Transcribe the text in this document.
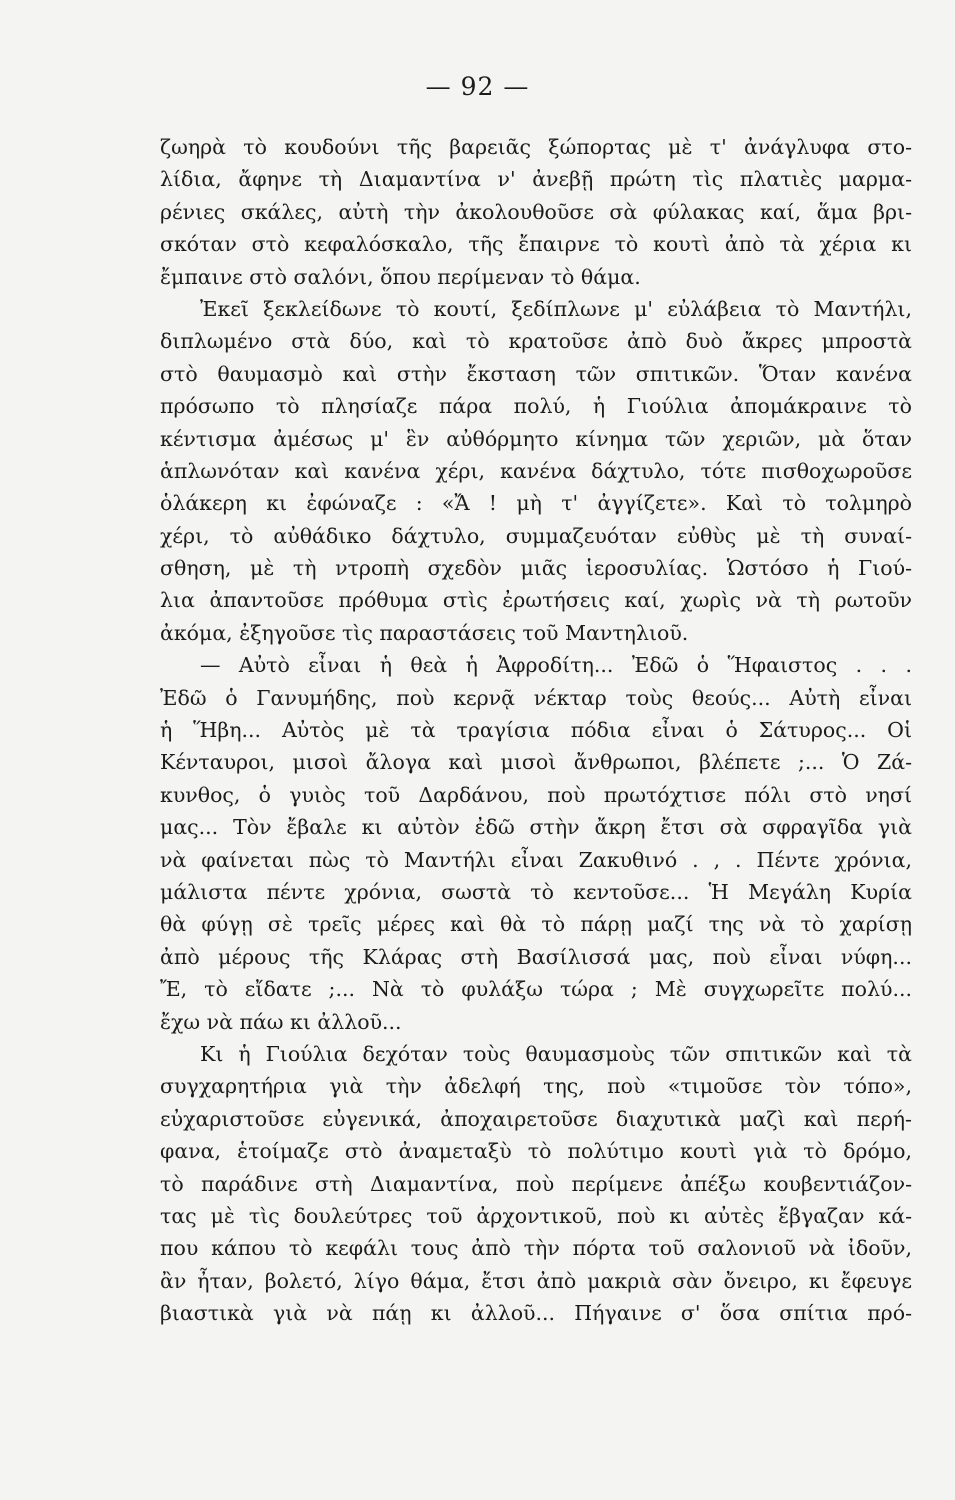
— 92 —
ζωηρὰ τὸ κουδούνι τῆς βαρειᾶς ξώπορτας μὲ τ' ἀνάγλυφα στο-
λίδια, ἄφηνε τὴ Διαμαντίνα ν' ἀνεβῇ πρώτη τὶς πλατιὲς μαρμα-
ρένιες σκάλες, αὐτὴ τὴν ἀκολουθοῦσε σὰ φύλακας καί, ἅμα βρι-
σκόταν στὸ κεφαλόσκαλο, τῆς ἔπαιρνε τὸ κουτὶ ἀπὸ τὰ χέρια κι
ἔμπαινε στὸ σαλόνι, ὅπου περίμεναν τὸ θάμα.
Ἐκεῖ ξεκλείδωνε τὸ κουτί, ξεδίπλωνε μ' εὐλάβεια τὸ Μαντήλι,
διπλωμένο στὰ δύο, καὶ τὸ κρατοῦσε ἀπὸ δυὸ ἄκρες μπροστὰ
στὸ θαυμασμὸ καὶ στὴν ἔκσταση τῶν σπιτικῶν. Ὅταν κανένα
πρόσωπο τὸ πλησίαζε πάρα πολύ, ἡ Γιούλια ἀπομάκραινε τὸ
κέντισμα ἀμέσως μ' ἓν αὐθόρμητο κίνημα τῶν χεριῶν, μὰ ὅταν
ἁπλωνόταν καὶ κανένα χέρι, κανένα δάχτυλο, τότε πισθοχωροῦσε
ὁλάκερη κι ἐφώναζε : «Ἄ ! μὴ τ' ἀγγίζετε». Καὶ τὸ τολμηρὸ
χέρι, τὸ αὐθάδικο δάχτυλο, συμμαζευόταν εὐθὺς μὲ τὴ συναί-
σθηση, μὲ τὴ ντροπὴ σχεδὸν μιᾶς ἱεροσυλίας. Ὡστόσο ἡ Γιού-
λια ἀπαντοῦσε πρόθυμα στὶς ἐρωτήσεις καί, χωρὶς νὰ τὴ ρωτοῦν
ἀκόμα, ἐξηγοῦσε τὶς παραστάσεις τοῦ Μαντηλιοῦ.
— Αὐτὸ εἶναι ἡ θεὰ ἡ Ἀφροδίτη... Ἐδῶ ὁ Ἥφαιστος . . .
Ἐδῶ ὁ Γανυμήδης, ποὺ κερνᾷ νέκταρ τοὺς θεούς... Αὐτὴ εἶναι
ἡ Ἥβη... Αὐτὸς μὲ τὰ τραγίσια πόδια εἶναι ὁ Σάτυρος... Οἱ
Κένταυροι, μισοὶ ἄλογα καὶ μισοὶ ἄνθρωποι, βλέπετε ;... Ὁ Ζά-
κυνθος, ὁ γυιὸς τοῦ Δαρδάνου, ποὺ πρωτόχτισε πόλι στὸ νησί
μας... Τὸν ἔβαλε κι αὐτὸν ἐδῶ στὴν ἄκρη ἔτσι σὰ σφραγῖδα γιὰ
νὰ φαίνεται πὼς τὸ Μαντήλι εἶναι Ζακυθινό . , . Πέντε χρόνια,
μάλιστα πέντε χρόνια, σωστὰ τὸ κεντοῦσε... Ἡ Μεγάλη Κυρία
θὰ φύγῃ σὲ τρεῖς μέρες καὶ θὰ τὸ πάρῃ μαζί της νὰ τὸ χαρίσῃ
ἀπὸ μέρους τῆς Κλάρας στὴ Βασίλισσά μας, ποὺ εἶναι νύφη...
Ἔ, τὸ εἴδατε ;... Νὰ τὸ φυλάξω τώρα ; Μὲ συγχωρεῖτε πολύ...
ἔχω νὰ πάω κι ἀλλοῦ...
Κι ἡ Γιούλια δεχόταν τοὺς θαυμασμοὺς τῶν σπιτικῶν καὶ τὰ
συγχαρητήρια γιὰ τὴν ἀδελφή της, ποὺ «τιμοῦσε τὸν τόπο»,
εὐχαριστοῦσε εὐγενικά, ἀποχαιρετοῦσε διαχυτικὰ μαζὶ καὶ περή-
φανα, ἑτοίμαζε στὸ ἀναμεταξὺ τὸ πολύτιμο κουτὶ γιὰ τὸ δρόμο,
τὸ παράδινε στὴ Διαμαντίνα, ποὺ περίμενε ἀπέξω κουβεντιάζον-
τας μὲ τὶς δουλεύτρες τοῦ ἀρχοντικοῦ, ποὺ κι αὐτὲς ἔβγαζαν κά-
που κάπου τὸ κεφάλι τους ἀπὸ τὴν πόρτα τοῦ σαλονιοῦ νὰ ἰδοῦν,
ἂν ἦταν, βολετό, λίγο θάμα, ἔτσι ἀπὸ μακριὰ σὰν ὄνειρο, κι ἔφευγε
βιαστικὰ γιὰ νὰ πάῃ κι ἀλλοῦ... Πήγαινε σ' ὅσα σπίτια πρό-
